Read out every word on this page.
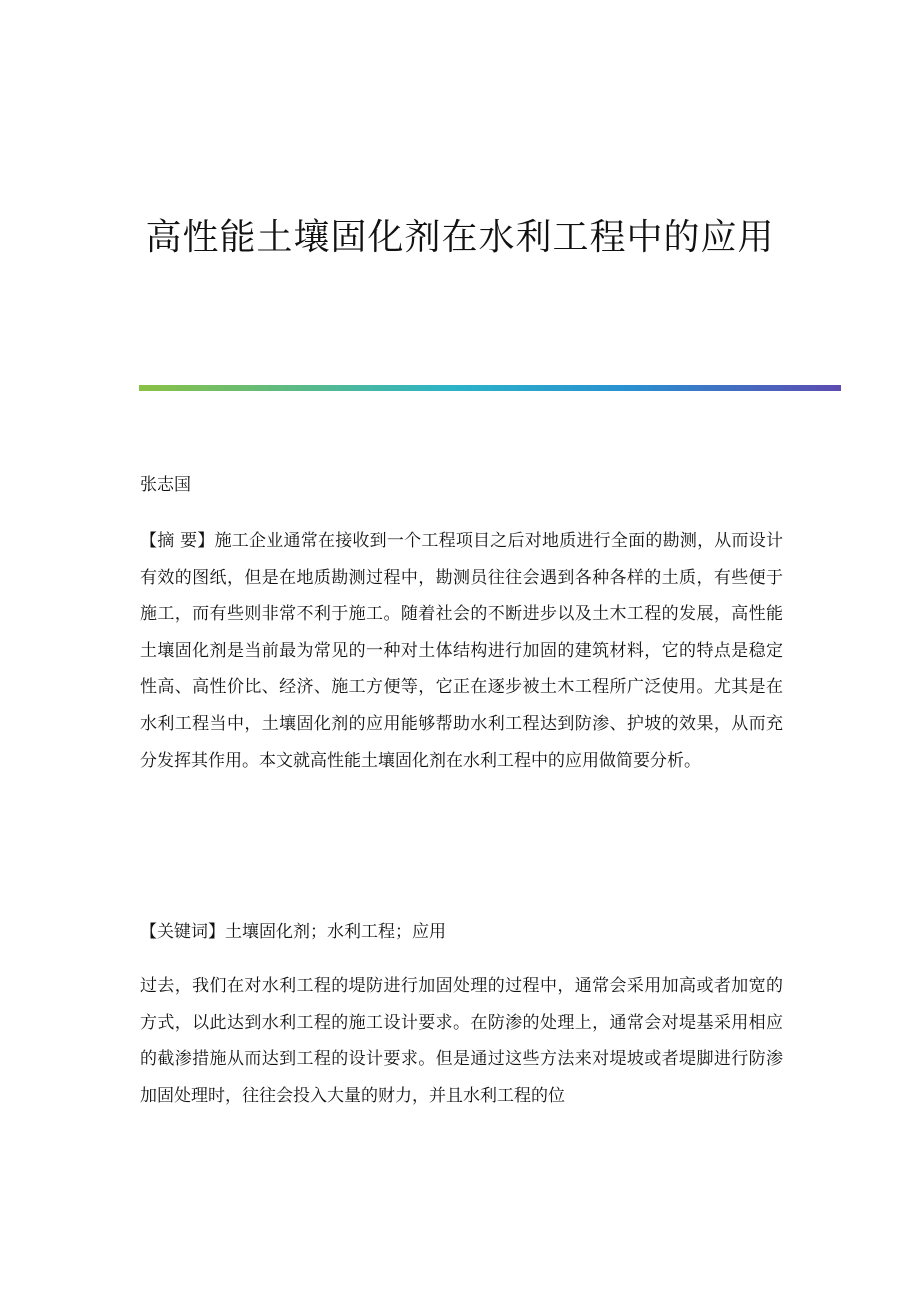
高性能土壤固化剂在水利工程中的应用
张志国

【摘 要】施工企业通常在接收到一个工程项目之后对地质进行全面的勘测，从而设计有效的图纸，但是在地质勘测过程中，勘测员往往会遇到各种各样的土质，有些便于施工，而有些则非常不利于施工。随着社会的不断进步以及土木工程的发展，高性能土壤固化剂是当前最为常见的一种对土体结构进行加固的建筑材料，它的特点是稳定性高、高性价比、经济、施工方便等，它正在逐步被土木工程所广泛使用。尤其是在水利工程当中，土壤固化剂的应用能够帮助水利工程达到防渗、护坡的效果，从而充分发挥其作用。本文就高性能土壤固化剂在水利工程中的应用做简要分析。

【关键词】土壤固化剂；水利工程；应用

过去，我们在对水利工程的堤防进行加固处理的过程中，通常会采用加高或者加宽的方式，以此达到水利工程的施工设计要求。在防渗的处理上，通常会对堤基采用相应的截渗措施从而达到工程的设计要求。但是通过这些方法来对堤坡或者堤脚进行防渗加固处理时，往往会投入大量的财力，并且水利工程的位
